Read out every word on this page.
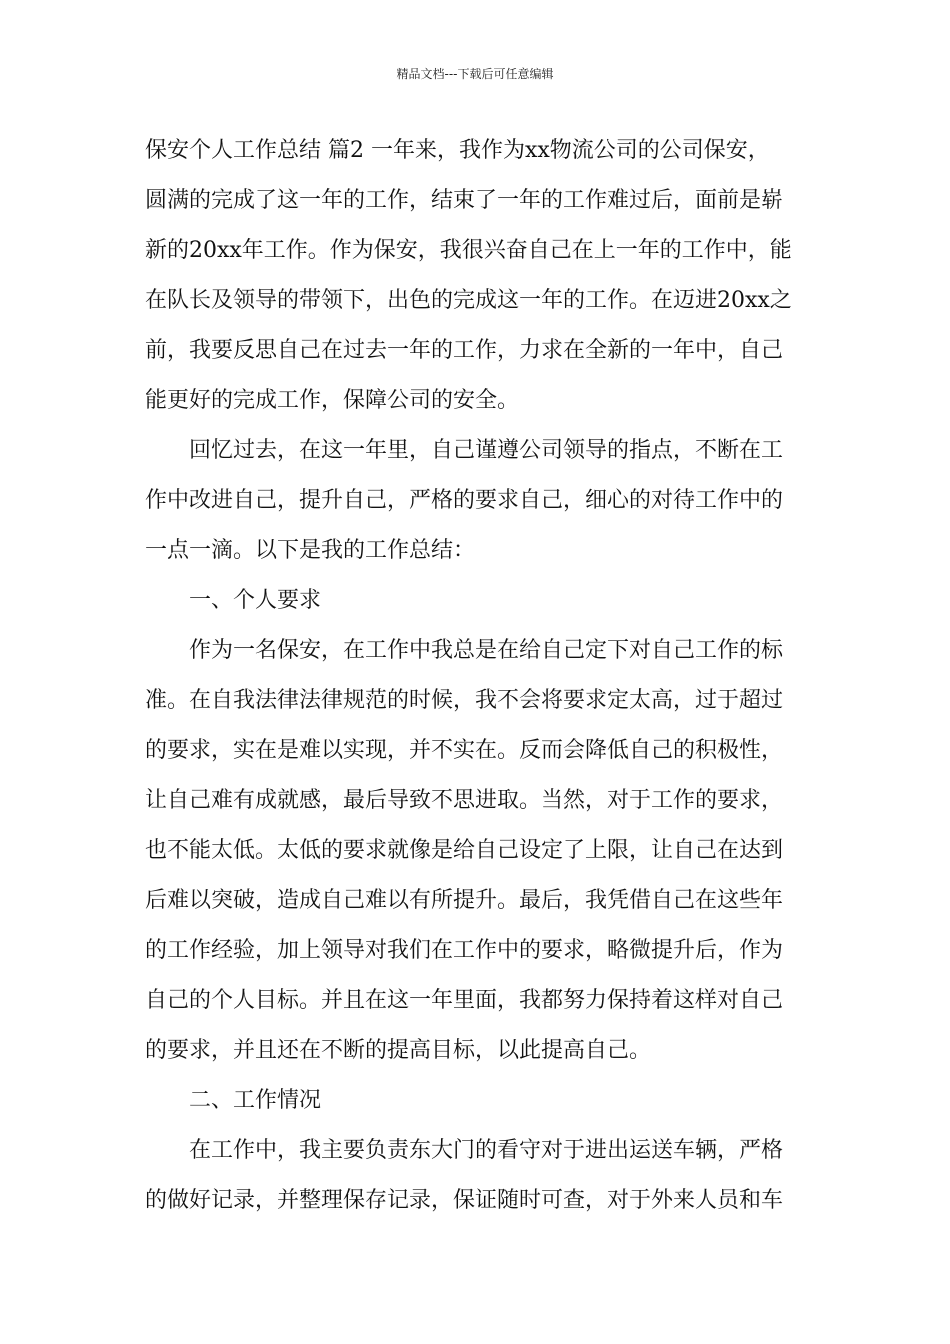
精品文档---下载后可任意编辑

保安个人工作总结 篇2 一年来，我作为xx物流公司的公司保安，
圆满的完成了这一年的工作，结束了一年的工作难过后，面前是崭
新的20xx年工作。作为保安，我很兴奋自己在上一年的工作中，能
在队长及领导的带领下，出色的完成这一年的工作。在迈进20xx之
前，我要反思自己在过去一年的工作，力求在全新的一年中，自己
能更好的完成工作，保障公司的安全。

回忆过去，在这一年里，自己谨遵公司领导的指点，不断在工
作中改进自己，提升自己，严格的要求自己，细心的对待工作中的
一点一滴。以下是我的工作总结：

一、个人要求

作为一名保安，在工作中我总是在给自己定下对自己工作的标
准。在自我法律法律规范的时候，我不会将要求定太高，过于超过
的要求，实在是难以实现，并不实在。反而会降低自己的积极性，
让自己难有成就感，最后导致不思进取。当然，对于工作的要求，
也不能太低。太低的要求就像是给自己设定了上限，让自己在达到
后难以突破，造成自己难以有所提升。最后，我凭借自己在这些年
的工作经验，加上领导对我们在工作中的要求，略微提升后，作为
自己的个人目标。并且在这一年里面，我都努力保持着这样对自己
的要求，并且还在不断的提高目标，以此提高自己。

二、工作情况

在工作中，我主要负责东大门的看守对于进出运送车辆，严格
的做好记录，并整理保存记录，保证随时可查，对于外来人员和车
